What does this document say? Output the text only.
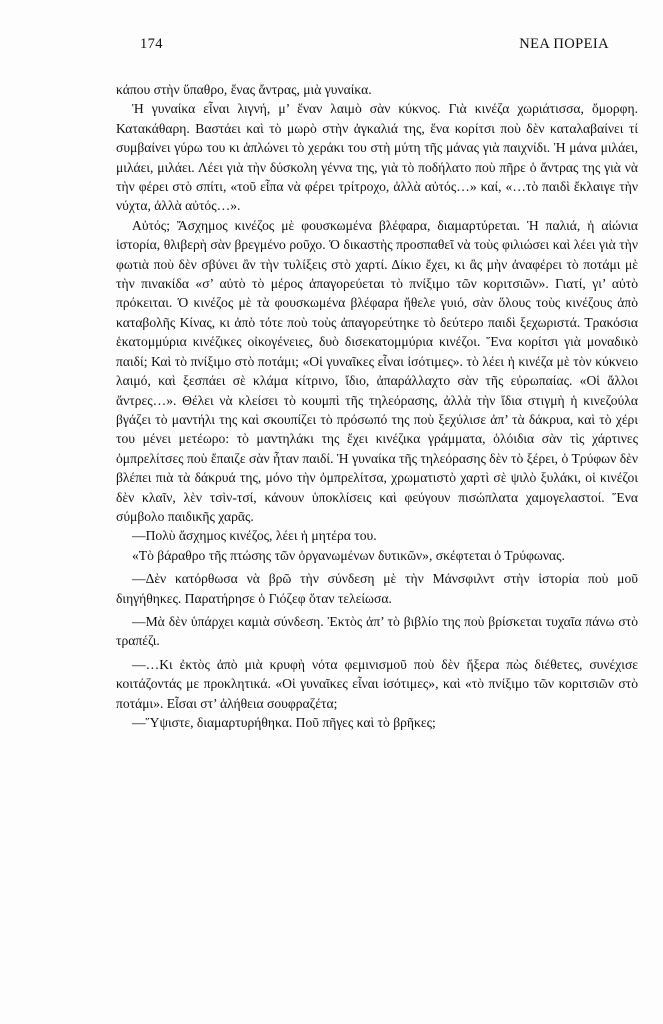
174	ΝΕΑ ΠΟΡΕΙΑ

κάπου στὴν ὕπαθρο, ἕνας ἄντρας, μιὰ γυναίκα.

Ἡ γυναίκα εἶναι λιγνή, μ’ ἕναν λαιμὸ σὰν κύκνος. Γιὰ κινέζα χωριάτισσα, ὄμορφη. Κατακάθαρη. Βαστάει καὶ τὸ μωρὸ στὴν ἀγκαλιά της, ἕνα κορίτσι ποὺ δὲν καταλαβαίνει τί συμβαίνει γύρω του κι ἁπλώνει τὸ χεράκι του στὴ μύτη τῆς μάνας γιὰ παιχνίδι. Ἡ μάνα μιλάει, μιλάει, μιλάει. Λέει γιὰ τὴν δύσκολη γέννα της, γιὰ τὸ ποδήλατο ποὺ πῆρε ὁ ἄντρας της γιὰ νὰ τὴν φέρει στὸ σπίτι, «τοῦ εἶπα νὰ φέρει τρίτροχο, ἀλλὰ αὐτός…» καί, «…τὸ παιδὶ ἔκλαιγε τὴν νύχτα, ἀλλὰ αὐτός…».

Αὐτός; Ἄσχημος κινέζος μὲ φουσκωμένα βλέφαρα, διαμαρτύρεται. Ἡ παλιά, ἡ αἰώνια ἱστορία, θλιβερὴ σὰν βρεγμένο ροῦχο. Ὁ δικαστὴς προσπαθεῖ νὰ τοὺς φιλιώσει καὶ λέει γιὰ τὴν φωτιὰ ποὺ δὲν σβύνει ἂν τὴν τυλίξεις στὸ χαρτί. Δίκιο ἔχει, κι ἂς μὴν ἀναφέρει τὸ ποτάμι μὲ τὴν πινακίδα «σ’ αὐτὸ τὸ μέρος ἀπαγορεύεται τὸ πνίξιμο τῶν κοριτσιῶν». Γιατί, γι’ αὐτὸ πρόκειται. Ὁ κινέζος μὲ τὰ φουσκωμένα βλέφαρα ἤθελε γυιό, σὰν ὅλους τοὺς κινέζους ἀπὸ καταβολῆς Κίνας, κι ἀπὸ τότε ποὺ τοὺς ἀπαγορεύτηκε τὸ δεύτερο παιδὶ ξεχωριστά. Τρακόσια ἑκατομμύρια κινέζικες οἰκογένειες, δυὸ δισεκατομμύρια κινέζοι. Ἕνα κορίτσι γιὰ μοναδικὸ παιδί; Καὶ τὸ πνίξιμο στὸ ποτάμι; «Οἱ γυναῖκες εἶναι ἰσότιμες». τὸ λέει ἡ κινέζα μὲ τὸν κύκνειο λαιμό, καὶ ξεσπάει σὲ κλάμα κίτρινο, ἴδιο, ἀπαράλλαχτο σὰν τῆς εὐρωπαίας. «Οἱ ἄλλοι ἄντρες…». Θέλει νὰ κλείσει τὸ κουμπὶ τῆς τηλεόρασης, ἀλλὰ τὴν ἴδια στιγμὴ ἡ κινεζούλα βγάζει τὸ μαντήλι της καὶ σκουπίζει τὸ πρόσωπό της ποὺ ξεχύλισε ἀπ’ τὰ δάκρυα, καὶ τὸ χέρι του μένει μετέωρο: τὸ μαντηλάκι της ἔχει κινέζικα γράμματα, ὁλόιδια σὰν τὶς χάρτινες ὀμπρελίτσες ποὺ ἔπαιζε σὰν ἦταν παιδί. Ἡ γυναίκα τῆς τηλεόρασης δὲν τὸ ξέρει, ὁ Τρύφων δὲν βλέπει πιὰ τὰ δάκρυά της, μόνο τὴν ὀμπρελίτσα, χρωματιστὸ χαρτὶ σὲ ψιλὸ ξυλάκι, οἱ κινέζοι δὲν κλαῖν, λὲν τσὶν-τσί, κάνουν ὑποκλίσεις καὶ φεύγουν πισώπλατα χαμογελαστοί. Ἕνα σύμβολο παιδικῆς χαρᾶς.

—Πολὺ ἄσχημος κινέζος, λέει ἡ μητέρα του.

«Τὸ βάραθρο τῆς πτώσης τῶν ὀργανωμένων δυτικῶν», σκέφτεται ὁ Τρύφωνας.

—Δὲν κατόρθωσα νὰ βρῶ τὴν σύνδεση μὲ τὴν Μάνσφιλντ στὴν ἱστορία ποὺ μοῦ διηγήθηκες. Παρατήρησε ὁ Γιόζεφ ὅταν τελείωσα.

—Μὰ δὲν ὑπάρχει καμιὰ σύνδεση. Ἐκτὸς ἀπ’ τὸ βιβλίο της ποὺ βρίσκεται τυχαῖα πάνω στὸ τραπέζι.

—…Κι ἐκτὸς ἀπὸ μιὰ κρυφὴ νότα φεμινισμοῦ ποὺ δὲν ἤξερα πὼς διέθετες, συνέχισε κοιτάζοντάς με προκλητικά. «Οἱ γυναῖκες εἶναι ἰσότιμες», καὶ «τὸ πνίξιμο τῶν κοριτσιῶν στὸ ποτάμι». Εἶσαι στ’ ἀλήθεια σουφραζέτα;

—Ὕψιστε, διαμαρτυρήθηκα. Ποῦ πῆγες καὶ τὸ βρῆκες;
